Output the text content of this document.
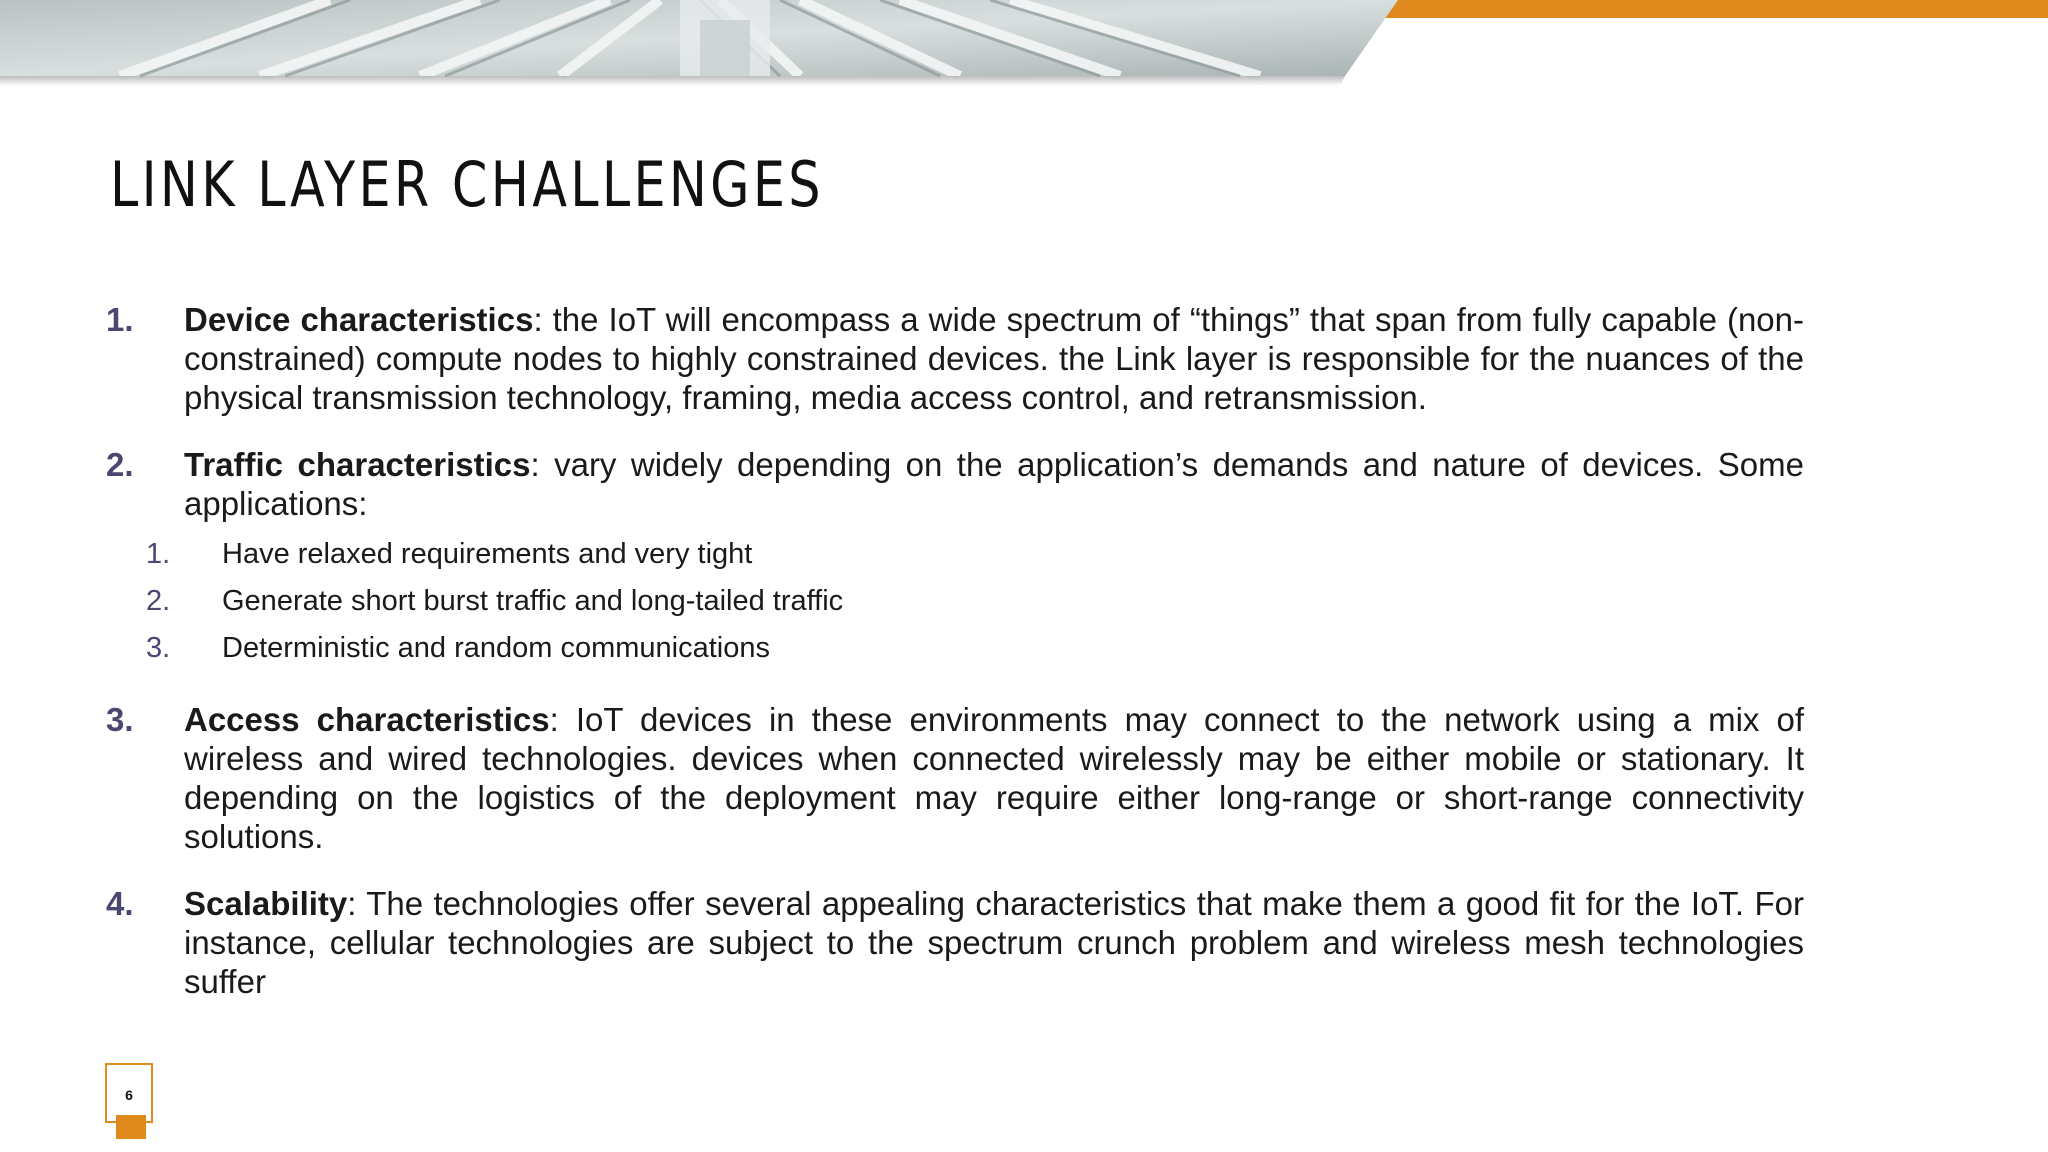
LINK LAYER CHALLENGES
1.	Device characteristics: the IoT will encompass a wide spectrum of “things” that span from fully capable (non-constrained) compute nodes to highly constrained devices. the Link layer is responsible for the nuances of the physical transmission technology, framing, media access control, and retransmission.
2.	Traffic characteristics: vary widely depending on the application’s demands and nature of devices. Some applications:
1.	Have relaxed requirements and very tight
2.	Generate short burst traffic and long-tailed traffic
3.	Deterministic and random communications
3.	Access characteristics: IoT devices in these environments may connect to the network using a mix of wireless and wired technologies. devices when connected wirelessly may be either mobile or stationary. It depending on the logistics of the deployment may require either long-range or short-range connectivity solutions.
4.	Scalability: The technologies offer several appealing characteristics that make them a good fit for the IoT. For instance, cellular technologies are subject to the spectrum crunch problem and wireless mesh technologies suffer
6
